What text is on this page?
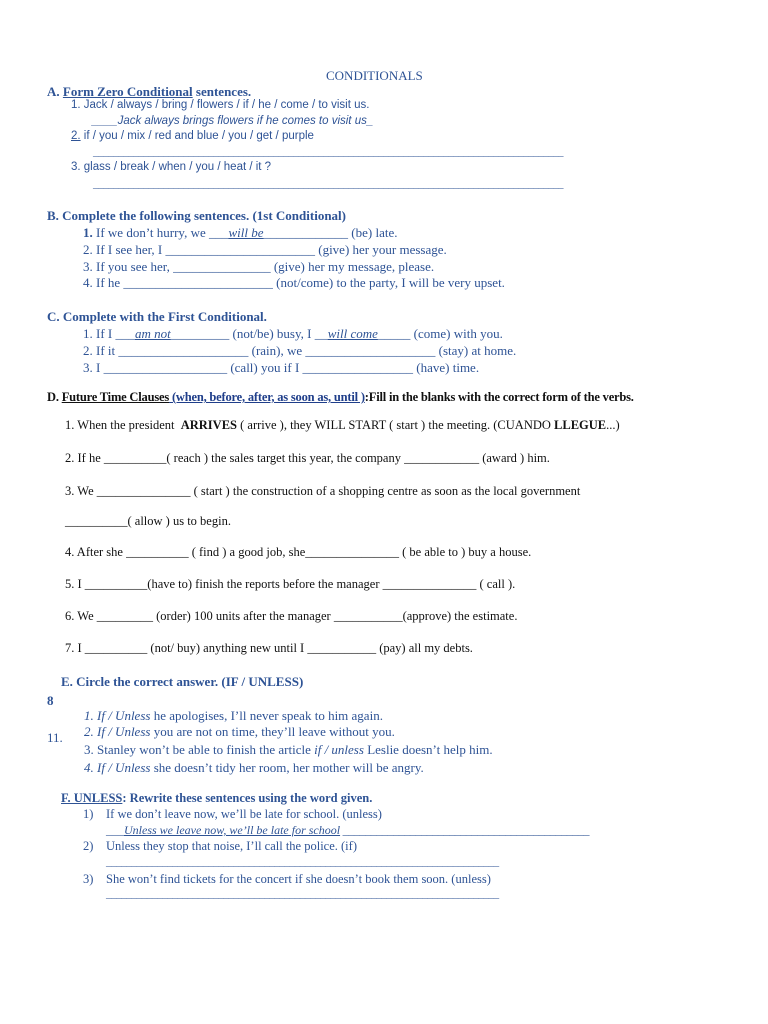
CONDITIONALS
A. Form Zero Conditional sentences.
1. Jack / always / bring / flowers / if / he / come / to visit us.
____Jack always brings flowers if he comes to visit us_
2. if / you / mix / red and blue / you / get / purple
______________________________________________________________________________________________
3. glass / break / when / you / heat / it ?
______________________________________________________________________________________________
B. Complete the following sentences. (1st Conditional)
1. If we don’t hurry, we ___will be_____________ (be) late.
2. If I see her, I _______________________ (give) her your message.
3. If you see her, _______________ (give) her my message, please.
4. If he _______________________ (not/come) to the party, I will be very upset.
C. Complete with the First Conditional.
1. If I ___am not_________ (not/be) busy, I __will come_____ (come) with you.
2. If it ____________________ (rain), we ____________________ (stay) at home.
3. I ___________________ (call) you if I _________________ (have) time.
D. Future Time Clauses (when, before, after, as soon as, until ):Fill in the blanks with the correct form of the verbs.
1. When the president  ARRIVES ( arrive ), they WILL START ( start ) the meeting. (CUANDO LLEGUE...)
2. If he __________( reach ) the sales target this year, the company ____________ (award ) him.
3. We _______________ ( start ) the construction of a shopping centre as soon as the local government
__________( allow ) us to begin.
4. After she __________ ( find ) a good job, she_______________ ( be able to ) buy a house.
5. I __________(have to) finish the reports before the manager _______________ ( call ).
6. We _________ (order) 100 units after the manager ___________(approve) the estimate.
7. I __________ (not/ buy) anything new until I ___________ (pay) all my debts.
E. Circle the correct answer. (IF / UNLESS)
8
11.
1. If / Unless he apologises, I’ll never speak to him again.
2. If / Unless you are not on time, they’ll leave without you.
3. Stanley won’t be able to finish the article if / unless Leslie doesn’t help him.
4. If / Unless she doesn’t tidy her room, her mother will be angry.
F. UNLESS: Rewrite these sentences using the word given.
1) If we don’t leave now, we’ll be late for school. (unless)
___Unless we leave now, we’ll be late for school ____________________________________________
2) Unless they stop that noise, I’ll call the police. (if)
_____________________________________________________________________________
3) She won’t find tickets for the concert if she doesn’t book them soon. (unless)
_____________________________________________________________________________
